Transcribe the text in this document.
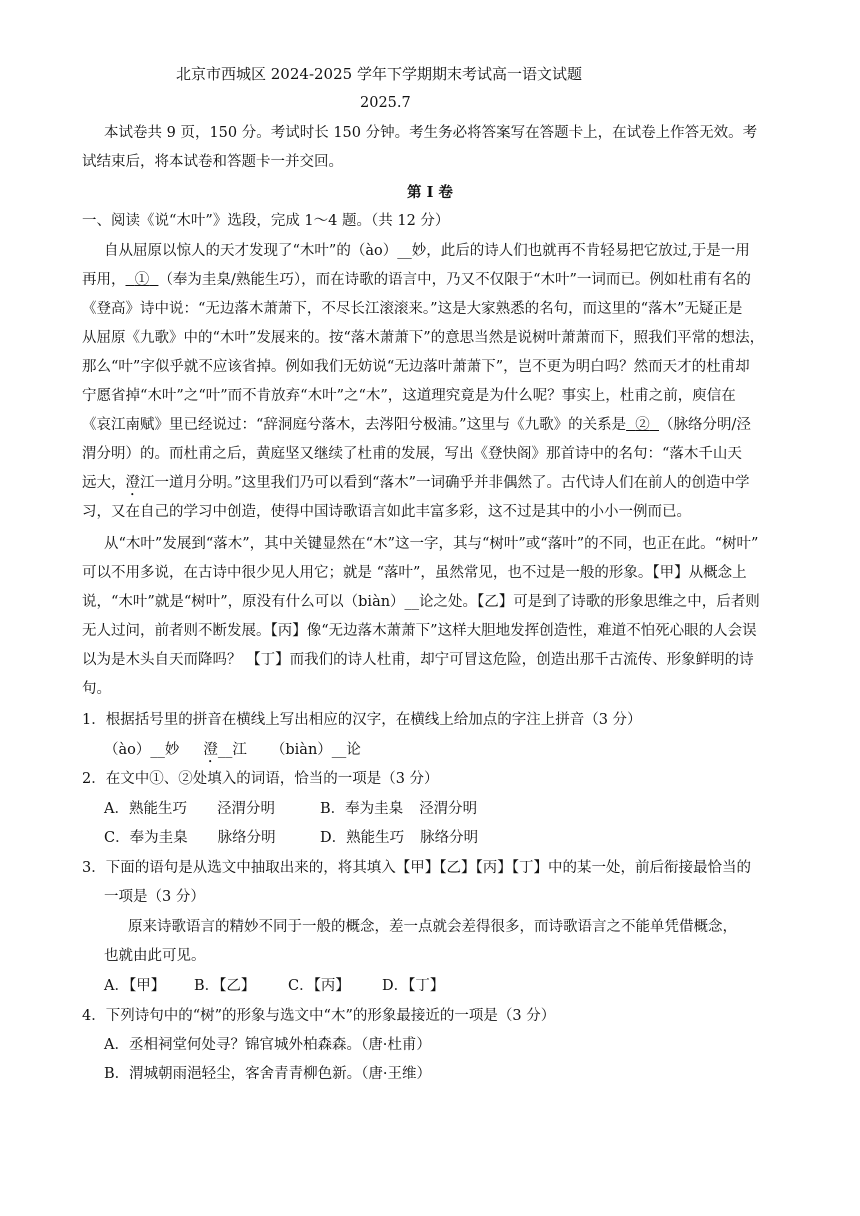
北京市西城区 2024-2025 学年下学期期末考试高一语文试题
2025.7
本试卷共 9 页，150 分。考试时长 150 分钟。考生务必将答案写在答题卡上，在试卷上作答无效。考
试结束后，将本试卷和答题卡一并交回。
第 I 卷
一、阅读《说“木叶”》选段，完成 1～4 题。（共 12 分）
自从屈原以惊人的天才发现了“木叶”的（ào）__妙，此后的诗人们也就再不肯轻易把它放过,于是一用
再用， ① （奉为圭臬/熟能生巧），而在诗歌的语言中，乃又不仅限于“木叶”一词而已。例如杜甫有名的
《登高》诗中说：“无边落木萧萧下，不尽长江滚滚来。”这是大家熟悉的名句，而这里的“落木”无疑正是
从屈原《九歌》中的“木叶”发展来的。按“落木萧萧下”的意思当然是说树叶萧萧而下，照我们平常的想法，
那么“叶”字似乎就不应该省掉。例如我们无妨说“无边落叶萧萧下”，岂不更为明白吗？然而天才的杜甫却
宁愿省掉“木叶”之“叶”而不肯放弃“木叶”之“木”，这道理究竟是为什么呢？事实上，杜甫之前，庾信在
《哀江南赋》里已经说过：“辞洞庭兮落木，去涔阳兮极浦。”这里与《九歌》的关系是 ② （脉络分明/泾
渭分明）的。而杜甫之后，黄庭坚又继续了杜甫的发展，写出《登快阁》那首诗中的名句：“落木千山天
远大，澄江一道月分明。”这里我们乃可以看到“落木”一词确乎并非偶然了。古代诗人们在前人的创造中学
习，又在自己的学习中创造，使得中国诗歌语言如此丰富多彩，这不过是其中的小小一例而已。
从“木叶”发展到“落木”，其中关键显然在“木”这一字，其与“树叶”或“落叶”的不同，也正在此。“树叶”
可以不用多说，在古诗中很少见人用它；就是 “落叶”，虽然常见，也不过是一般的形象。【甲】从概念上
说，“木叶”就是“树叶”，原没有什么可以（biàn）__论之处。【乙】可是到了诗歌的形象思维之中，后者则
无人过问，前者则不断发展。【丙】像“无边落木萧萧下”这样大胆地发挥创造性，难道不怕死心眼的人会误
以为是木头自天而降吗？ 【丁】而我们的诗人杜甫，却宁可冒这危险，创造出那千古流传、形象鲜明的诗
句。
1．根据括号里的拼音在横线上写出相应的汉字，在横线上给加点的字注上拼音（3 分）
（ào）__妙 澄__江 （biàn）__论
2．在文中①、②处填入的词语，恰当的一项是（3 分）
A．熟能生巧 泾渭分明	B．奉为圭臬 泾渭分明
C．奉为圭臬 脉络分明	D．熟能生巧 脉络分明
3．下面的语句是从选文中抽取出来的，将其填入【甲】【乙】【丙】【丁】中的某一处，前后衔接最恰当的
一项是（3 分）
原来诗歌语言的精妙不同于一般的概念，差一点就会差得很多，而诗歌语言之不能单凭借概念，
也就由此可见。
A．【甲】 B．【乙】 C．【丙】 D．【丁】
4．下列诗句中的“树”的形象与选文中“木”的形象最接近的一项是（3 分）
A．丞相祠堂何处寻？锦官城外柏森森。（唐·杜甫）
B．渭城朝雨浥轻尘，客舍青青柳色新。（唐·王维）
